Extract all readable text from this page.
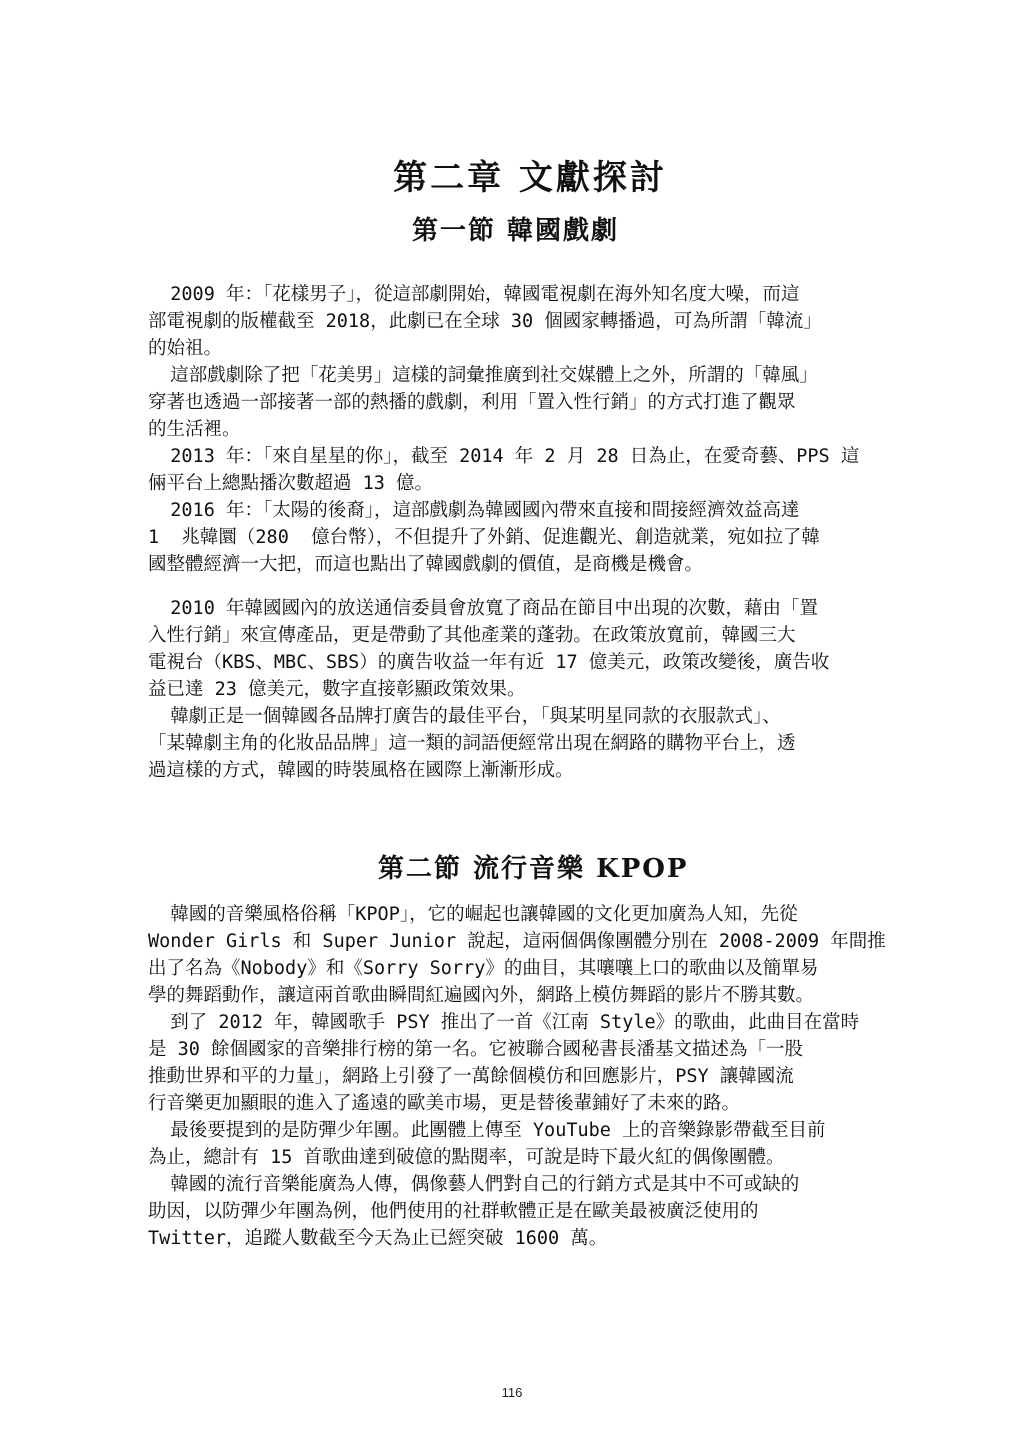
第二章 文獻探討
第一節 韓國戲劇

2009 年：「花樣男子」，從這部劇開始，韓國電視劇在海外知名度大噪，而這
部電視劇的版權截至 2018，此劇已在全球 30 個國家轉播過，可為所謂「韓流」
的始祖。

這部戲劇除了把「花美男」這樣的詞彙推廣到社交媒體上之外，所謂的「韓風」
穿著也透過一部接著一部的熱播的戲劇，利用「置入性行銷」的方式打進了觀眾
的生活裡。

2013 年：「來自星星的你」，截至 2014 年 2 月 28 日為止，在愛奇藝、PPS 這
倆平台上總點播次數超過 13 億。

2016 年：「太陽的後裔」，這部戲劇為韓國國內帶來直接和間接經濟效益高達
1  兆韓圜（280  億台幣），不但提升了外銷、促進觀光、創造就業，宛如拉了韓
國整體經濟一大把，而這也點出了韓國戲劇的價值，是商機是機會。

2010 年韓國國內的放送通信委員會放寬了商品在節目中出現的次數，藉由「置
入性行銷」來宣傳產品，更是帶動了其他產業的蓬勃。在政策放寬前，韓國三大
電視台（KBS、MBC、SBS）的廣告收益一年有近 17 億美元，政策改變後，廣告收
益已達 23 億美元，數字直接彰顯政策效果。

韓劇正是一個韓國各品牌打廣告的最佳平台，「與某明星同款的衣服款式」、
「某韓劇主角的化妝品品牌」這一類的詞語便經常出現在網路的購物平台上，透
過這樣的方式，韓國的時裝風格在國際上漸漸形成。

第二節 流行音樂 KPOP

韓國的音樂風格俗稱「KPOP」，它的崛起也讓韓國的文化更加廣為人知，先從
Wonder Girls 和 Super Junior 說起，這兩個偶像團體分別在 2008-2009 年間推
出了名為《Nobody》和《Sorry Sorry》的曲目，其嚷嚷上口的歌曲以及簡單易
學的舞蹈動作，讓這兩首歌曲瞬間紅遍國內外，網路上模仿舞蹈的影片不勝其數。

到了 2012 年，韓國歌手 PSY 推出了一首《江南 Style》的歌曲，此曲目在當時
是 30 餘個國家的音樂排行榜的第一名。它被聯合國秘書長潘基文描述為「一股
推動世界和平的力量」，網路上引發了一萬餘個模仿和回應影片，PSY 讓韓國流
行音樂更加顯眼的進入了遙遠的歐美市場，更是替後輩鋪好了未來的路。

最後要提到的是防彈少年團。此團體上傳至 YouTube 上的音樂錄影帶截至目前
為止，總計有 15 首歌曲達到破億的點閱率，可說是時下最火紅的偶像團體。

韓國的流行音樂能廣為人傳，偶像藝人們對自己的行銷方式是其中不可或缺的
助因，以防彈少年團為例，他們使用的社群軟體正是在歐美最被廣泛使用的
Twitter，追蹤人數截至今天為止已經突破 1600 萬。

116
